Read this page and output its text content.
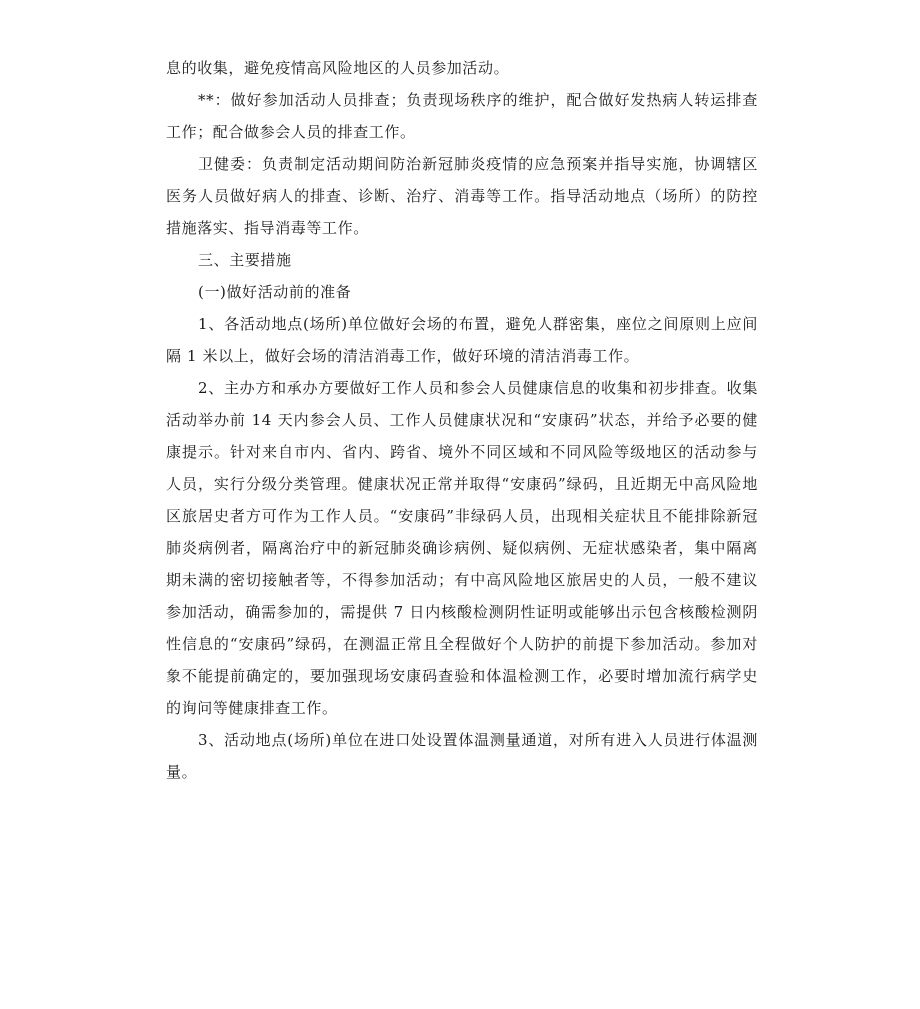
息的收集，避免疫情高风险地区的人员参加活动。

**：做好参加活动人员排查；负责现场秩序的维护，配合做好发热病人转运排查工作；配合做参会人员的排查工作。

卫健委：负责制定活动期间防治新冠肺炎疫情的应急预案并指导实施，协调辖区医务人员做好病人的排查、诊断、治疗、消毒等工作。指导活动地点（场所）的防控措施落实、指导消毒等工作。

三、主要措施

(一)做好活动前的准备

1、各活动地点(场所)单位做好会场的布置，避免人群密集，座位之间原则上应间隔 1 米以上，做好会场的清洁消毒工作，做好环境的清洁消毒工作。

2、主办方和承办方要做好工作人员和参会人员健康信息的收集和初步排查。收集活动举办前 14 天内参会人员、工作人员健康状况和“安康码”状态，并给予必要的健康提示。针对来自市内、省内、跨省、境外不同区域和不同风险等级地区的活动参与人员，实行分级分类管理。健康状况正常并取得“安康码”绿码，且近期无中高风险地区旅居史者方可作为工作人员。“安康码”非绿码人员，出现相关症状且不能排除新冠肺炎病例者，隔离治疗中的新冠肺炎确诊病例、疑似病例、无症状感染者，集中隔离期未满的密切接触者等，不得参加活动；有中高风险地区旅居史的人员，一般不建议参加活动，确需参加的，需提供 7 日内核酸检测阴性证明或能够出示包含核酸检测阴性信息的“安康码”绿码，在测温正常且全程做好个人防护的前提下参加活动。参加对象不能提前确定的，要加强现场安康码查验和体温检测工作，必要时增加流行病学史的询问等健康排查工作。

3、活动地点(场所)单位在进口处设置体温测量通道，对所有进入人员进行体温测量。
